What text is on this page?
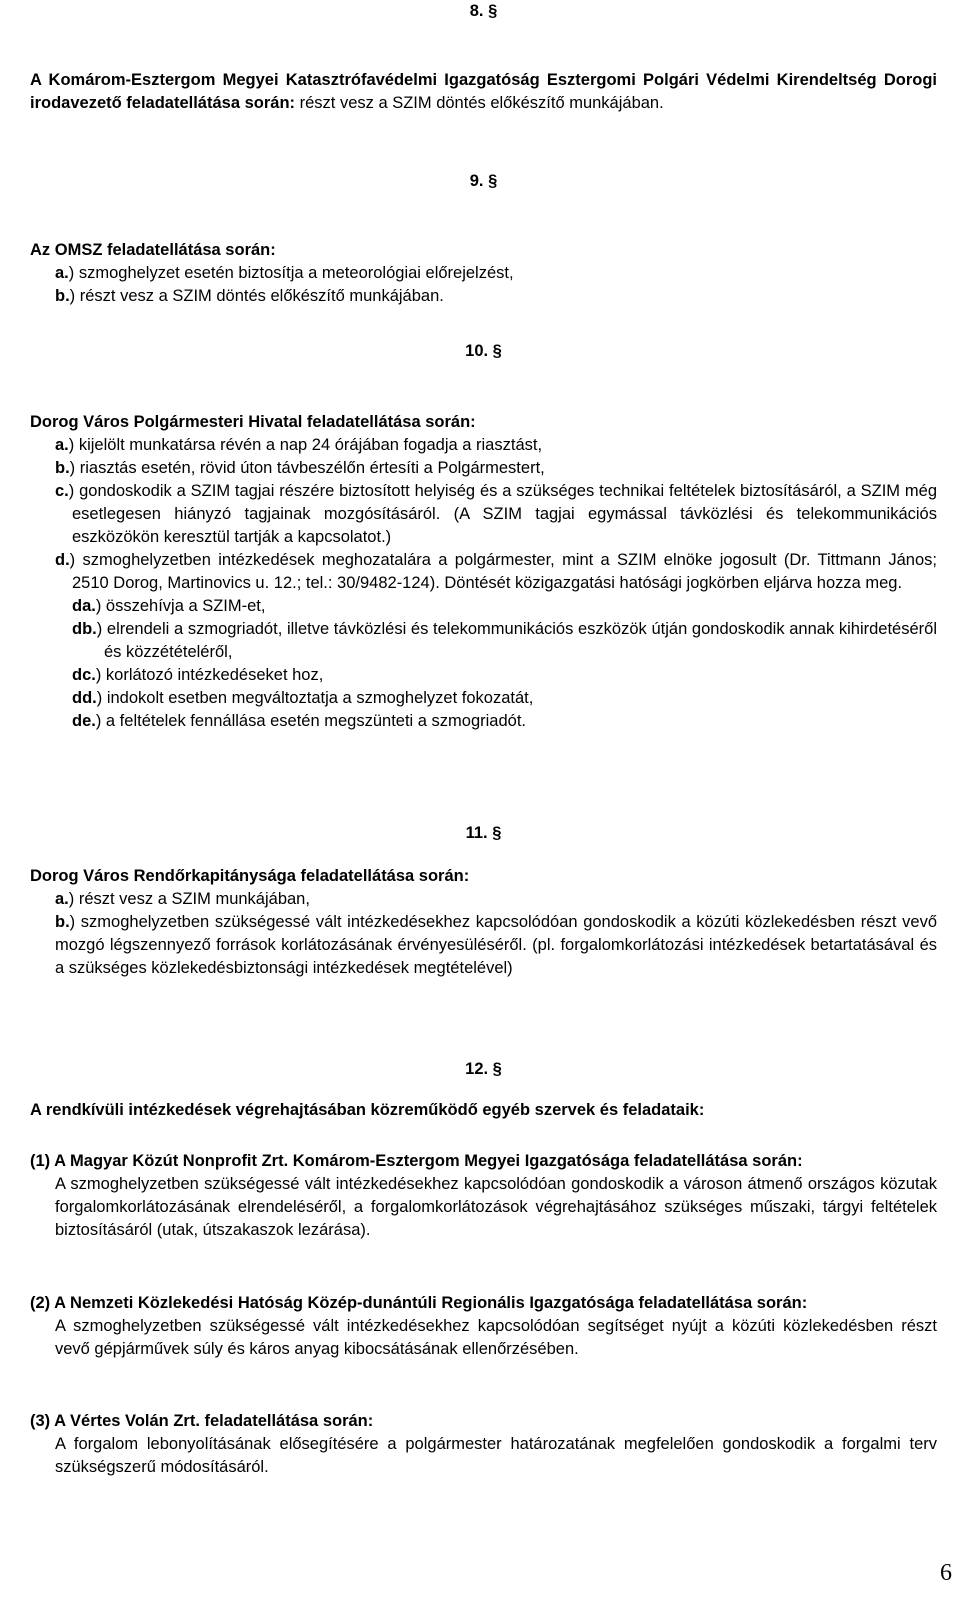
8. §

A Komárom-Esztergom Megyei Katasztrófavédelmi Igazgatóság Esztergomi Polgári Védelmi Kirendeltség Dorogi irodavezető feladatellátása során: részt vesz a SZIM döntés előkészítő munkájában.

9. §

Az OMSZ feladatellátása során:

a.) szmoghelyzet esetén biztosítja a meteorológiai előrejelzést,

b.) részt vesz a SZIM döntés előkészítő munkájában.

10. §

Dorog Város Polgármesteri Hivatal feladatellátása során:

a.) kijelölt munkatársa révén a nap 24 órájában fogadja a riasztást,

b.) riasztás esetén, rövid úton távbeszélőn értesíti a Polgármestert,

c.) gondoskodik a SZIM tagjai részére biztosított helyiség és a szükséges technikai feltételek biztosításáról, a SZIM még esetlegesen hiányzó tagjainak mozgósításáról. (A SZIM tagjai egymással távközlési és telekommunikációs eszközökön keresztül tartják a kapcsolatot.)

d.) szmoghelyzetben intézkedések meghozatalára a polgármester, mint a SZIM elnöke jogosult (Dr. Tittmann János; 2510 Dorog, Martinovics u. 12.; tel.: 30/9482-124). Döntését közigazgatási hatósági jogkörben eljárva hozza meg.

da.) összehívja a SZIM-et,

db.) elrendeli a szmogriadót, illetve távközlési és telekommunikációs eszközök útján gondoskodik annak kihirdetéséről és közzétételéről,

dc.) korlátozó intézkedéseket hoz,

dd.) indokolt esetben megváltoztatja a szmoghelyzet fokozatát,

de.) a feltételek fennállása esetén megszünteti a szmogriadót.

11. §

Dorog Város Rendőrkapitánysága feladatellátása során:

a.) részt vesz a SZIM munkájában,

b.) szmoghelyzetben szükségessé vált intézkedésekhez kapcsolódóan gondoskodik a közúti közlekedésben részt vevő mozgó légszennyező források korlátozásának érvényesüléséről. (pl. forgalomkorlátozási intézkedések betartatásával és a szükséges közlekedésbiztonsági intézkedések megtételével)

12. §

A rendkívüli intézkedések végrehajtásában közreműködő egyéb szervek és feladataik:

(1) A Magyar Közút Nonprofit Zrt. Komárom-Esztergom Megyei Igazgatósága feladatellátása során:

A szmoghelyzetben szükségessé vált intézkedésekhez kapcsolódóan gondoskodik a városon átmenő országos közutak forgalomkorlátozásának elrendeléséről, a forgalomkorlátozások végrehajtásához szükséges műszaki, tárgyi feltételek biztosításáról (utak, útszakaszok lezárása).

(2) A Nemzeti Közlekedési Hatóság Közép-dunántúli Regionális Igazgatósága feladatellátása során:

A szmoghelyzetben szükségessé vált intézkedésekhez kapcsolódóan segítséget nyújt a közúti közlekedésben részt vevő gépjárművek súly és káros anyag kibocsátásának ellenőrzésében.

(3) A Vértes Volán Zrt. feladatellátása során:

A forgalom lebonyolításának elősegítésére a polgármester határozatának megfelelően gondoskodik a forgalmi terv szükségszerű módosításáról.

6
